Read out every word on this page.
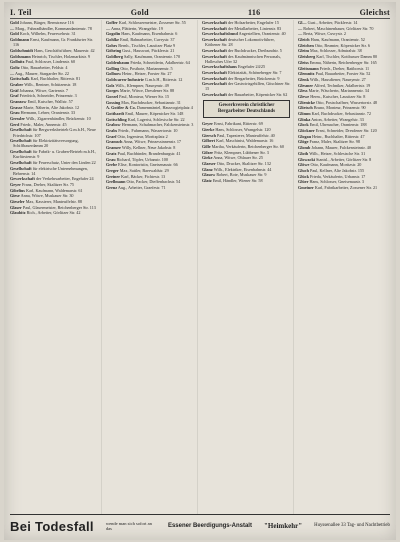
I. Teil	Gold	116	Gleichst

Gold Johann, Bürger, Bernstrasse 116

— Marg., Fahrradhändler, Kommandantenstr. 78

Gold Koch, Wilhelm, Feuerwehrstr. 31

Goldmann Ernst, Kaufmann, Gr. Frankfurter Str. 116

Goldschmidt Hans, Geschäftsführer, Mauerstr. 42

Goldsmann Heinrich, Tischler, Holzmarktstr. 9

Gollnitz Paul, Schlosser, Lindenstr. 60

Goltz Otto, Bauarbeiter, Feldstr. 4

— Aug., Maurer, Stargarder Str. 22

Gottschalk Karl, Buchhalter, Ritterstr. 81

Graber Wilh., Rentner, Schützenstr. 18

Gräf Johanna, Witwe, Gartenstr. 7

Graf Friedrich, Schneider, Prinzenstr. 3

Granzow Emil, Kutscher, Wallstr. 57

Grasse Marie, Näherin, Alte Jakobstr. 12

Grau Hermann, Lehrer, Oranienstr. 33

Gressler Wilh., Zigarrenhändler, Brückenstr. 10

Gerd Friedr., Maler, Annenstr. 45

Gesellschaft für Bergwerksbetrieb G.m.b.H., Neue Friedrichstr. 107

Gesellschaft für Elektrizitätsversorgung, Schiffbauerdamm 20

Gesellschaft für Fabrik- u. Gruben-Betrieb m.b.H., Kurfürstenstr. 9

Gesellschaft für Feuerschutz, Unter den Linden 22

Gesellschaft für elektrische Unternehmungen, Behrenstr. 14

Gewerkschaft der Verkehrsarbeiter, Engelufer 24

Geyer Franz, Dreher, Skalitzer Str. 75

Gibelius Karl, Kaufmann, Waldemarstr. 61

Giese Anna, Witwe, Muskauer Str. 30

Gieseler Max, Kassierer, Manteuffelstr. 88

Glaser Paul, Glasermeister, Reichenberger Str. 113

Glaubitz Rich., Arbeiter, Görlitzer Str. 42

Goffer Karl, Schlossermeister, Zossener Str. 55

— Anna, Plätterin, Wrangelstr. 19

Gogolin Hans, Kaufmann, Eisenbahnstr. 6

Gohlke Emil, Bahnarbeiter, Cuvrystr. 37

Gohrs Bernh., Tischler, Lausitzer Platz 9

Göhring Gust., Hauswart, Pücklerstr. 21

Goldberg Sally, Kaufmann, Oranienstr. 170

Goldenbaum Frieda, Schneiderin, Adalbertstr. 64

Golling Otto, Postbote, Mariannenstr. 5

Gollnow Heinr., Heizer, Forster Str. 27

Goldwaren-Industrie G.m.b.H., Ritterstr. 12

Golz Wilh., Klempner, Naunynstr. 49

Gorges Marie, Witwe, Dresdener Str. 88

Gorzel Paul, Monteur, Wiener Str. 15

Gossing Max, Buchdrucker, Sebastianstr. 31

A. Gottler & Co. Damenmäntel, Hausvogteiplatz 4

Gotthardt Emil, Maurer, Köpenicker Str. 148

Gottschling Karl, Lagerist, Schlesische Str. 22

Grabow Hermann, Schuhmacher, Falckensteinstr. 3

Grabs Friedr., Fuhrmann, Wassertorstr. 10

Graef Otto, Ingenieur, Moritzplatz 2

Gramsch Anna, Witwe, Prinzessinnenstr. 17

Gransee Willy, Kellner, Neue Jakobstr. 8

Gratz Paul, Buchbinder, Brandenburgstr. 41

Grau Richard, Töpfer, Urbanstr. 100

Grebe Elise, Kontoristin, Gneisenaustr. 66

Greger Max, Sattler, Baerwaldstr. 29

Greiner Karl, Bäcker, Fichtestr. 13

Grellmann Otto, Packer, Dieffenbachstr. 54

Grenz Aug., Arbeiter, Graefestr. 71

Gewerkschaft der Holzarbeiter, Engelufer 15

Gewerkschaft der Metallarbeiter, Linienstr. 83

Gewerkschaftsbund Angestellten, Oranienstr. 40

Gewerkschaft deutscher Lokomotivführer, Köthener Str. 28

Gewerkschaft der Buchdrucker, Dreibundstr. 5

Gewerkschaft des Kaufmännischen Personals, Hallesches Ufer 32

Gewerkschaftshaus Engelufer 24/25

Gewerkschaft Elektrizität, Schöneberger Str. 7

Gewerkschaft der Bergarbeiter, Brückenstr. 9

Gewerkschaft der Gastwirtsgehilfen, Gitschiner Str. 15

Gewerkschaft der Bauarbeiter, Köpenicker Str. 62

Gewerkverein christlicher Bergarbeiter Deutschlands

Geyer Ernst, Fabrikant, Ritterstr. 69

Gierke Hans, Schlosser, Wrangelstr. 120

Giersch Paul, Tapezierer, Manteuffelstr. 40

Gilbert Karl, Maschinist, Waldemarstr. 16

Gille Martha, Verkäuferin, Reichenberger Str. 60

Gilzer Fritz, Klempner, Lübbener Str. 3

Girke Anna, Witwe, Ohlauer Str. 25

Glaeser Otto, Drucker, Skalitzer Str. 132

Glanz Wilh., Elektriker, Eisenbahnstr. 44

Glasow Robert, Bote, Muskauer Str. 9

Glatz Emil, Händler, Wiener Str. 58

Gl— Gust., Arbeiter, Pücklerstr. 14

— Robert, Maschinenbauer, Görlitzer Str. 70

— Berta, Witwe, Cuvrystr. 2

Gleich Hans, Kaufmann, Oranienstr. 52

Gleichen Otto, Beamter, Köpenicker Str. 6

Gleim Max, Schlosser, Admiralstr. 38

Gleisberg Karl, Tischler, Kottbusser Damm 80

Gleiss Emma, Näherin, Reichenberger Str. 165

Gleitsmann Friedr., Dreher, Ratiborstr. 11

Glemnitz Paul, Bauarbeiter, Forster Str. 52

Glenk Wilh., Hausdiener, Naunynstr. 27

Glesmer Alfred, Techniker, Adalbertstr. 19

Gless Marie, Wäscherin, Mariannenstr. 34

Glewe Herm., Kutscher, Lausitzer Str. 8

Glienicke Otto, Postschaffner, Wassertorstr. 48

Glietsch Bruno, Monteur, Prinzenstr. 90

Glimm Karl, Buchdrucker, Sebastianstr. 72

Glinka Anton, Arbeiter, Wrangelstr. 33

Glock Emil, Uhrmacher, Oranienstr. 188

Glöckner Ernst, Schneider, Dresdener Str. 120

Glogau Heinr., Buchhalter, Ritterstr. 47

Glöge Franz, Maler, Skalitzer Str. 98

Glomb Johann, Maurer, Falckensteinstr. 40

Gloth Wilh., Heizer, Schlesische Str. 31

Glowacki Stanisl., Arbeiter, Görlitzer Str. 8

Glöwe Otto, Kaufmann, Moritzstr. 20

Gluch Paul, Kellner, Alte Jakobstr. 155

Glück Frieda, Verkäuferin, Urbanstr. 17

Glüer Hans, Schlosser, Gneisenaustr. 3

Gmeiner Karl, Fabrikarbeiter, Zossener Str. 21

Bei Todesfall	wende man sich sofort an das	Essener Beerdigungs-Anstalt "Heimkehr"	Huyssenallee 33 Tag- und Nachtbetrieb
